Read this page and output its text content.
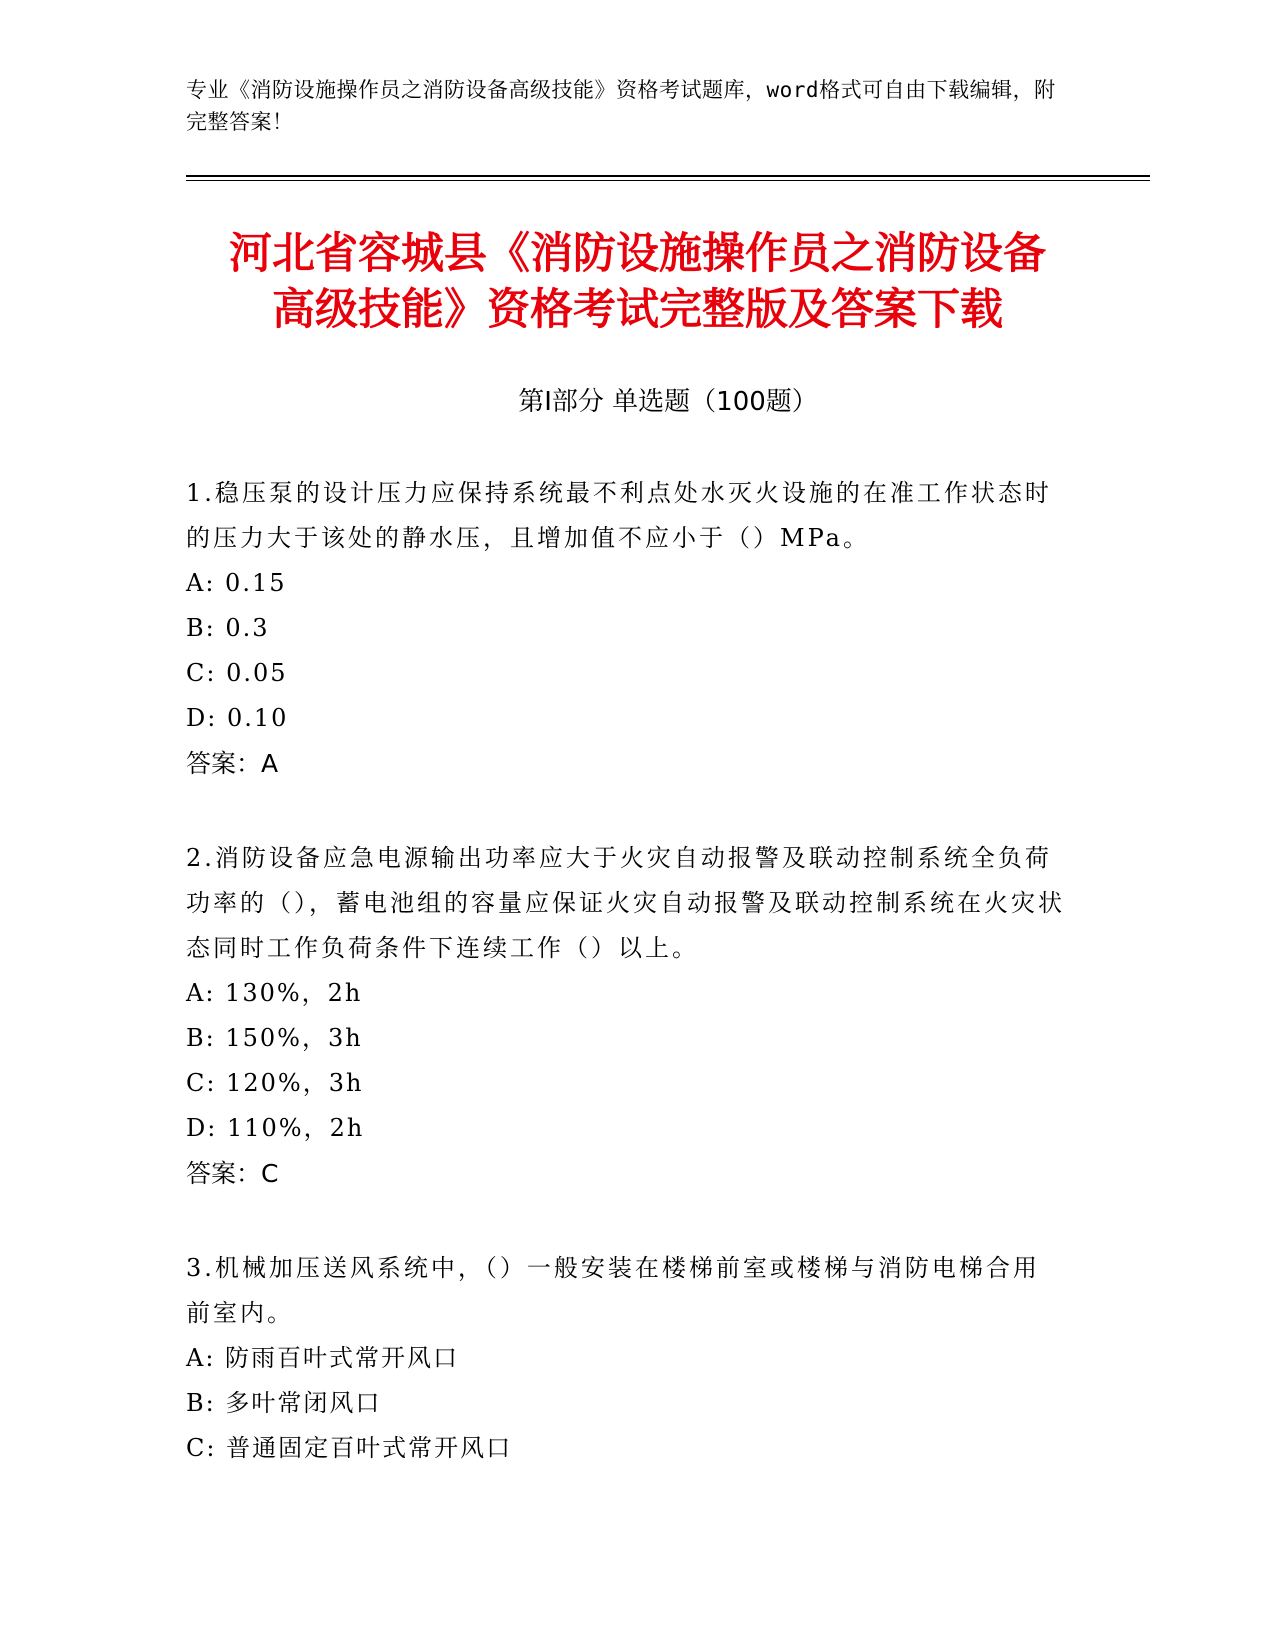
专业《消防设施操作员之消防设备高级技能》资格考试题库，word格式可自由下载编辑，附完整答案！
河北省容城县《消防设施操作员之消防设备
高级技能》资格考试完整版及答案下载
第Ⅰ部分 单选题（100题）
1.稳压泵的设计压力应保持系统最不利点处水灭火设施的在准工作状态时的压力大于该处的静水压，且增加值不应小于（）MPa。
A: 0.15
B: 0.3
C: 0.05
D: 0.10
答案：A
2.消防设备应急电源输出功率应大于火灾自动报警及联动控制系统全负荷功率的（），蓄电池组的容量应保证火灾自动报警及联动控制系统在火灾状态同时工作负荷条件下连续工作（）以上。
A: 130%，2h
B: 150%，3h
C: 120%，3h
D: 110%，2h
答案：C
3.机械加压送风系统中，（）一般安装在楼梯前室或楼梯与消防电梯合用前室内。
A: 防雨百叶式常开风口
B: 多叶常闭风口
C: 普通固定百叶式常开风口
